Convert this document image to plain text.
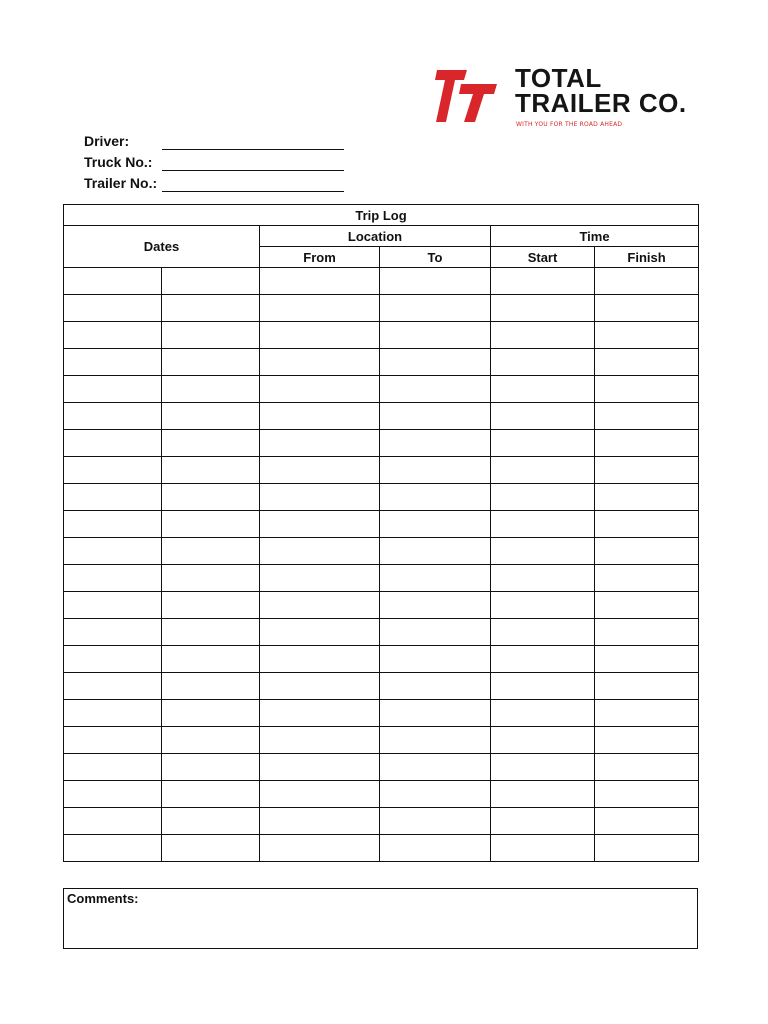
TOTAL
TRAILER CO.
WITH YOU FOR THE ROAD AHEAD
Driver:
Truck No.:
Trailer No.:
Trip Log					
Dates		Location		Time	
		From	To	Start	Finish

Comments:
